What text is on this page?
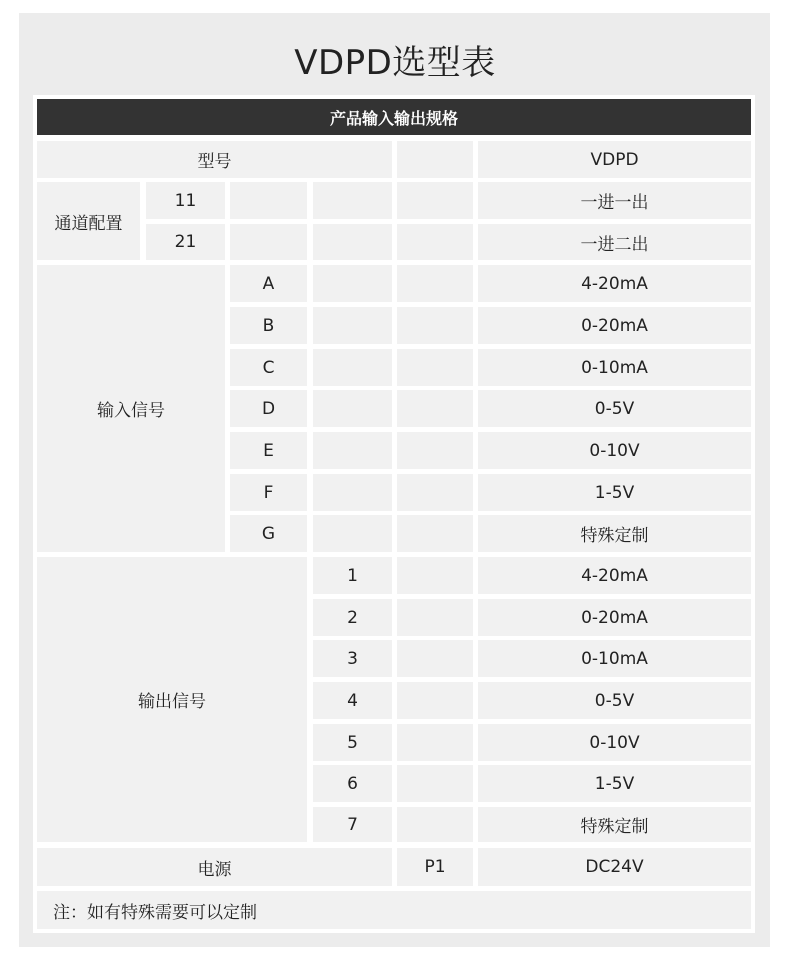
VDPD选型表
产品输入输出规格
型号	VDPD
通道配置
11	一进一出
21	一进二出
输入信号
A	4-20mA
B	0-20mA
C	0-10mA
D	0-5V
E	0-10V
F	1-5V
G	特殊定制
输出信号
1	4-20mA
2	0-20mA
3	0-10mA
4	0-5V
5	0-10V
6	1-5V
7	特殊定制
电源	P1	DC24V
注：如有特殊需要可以定制
